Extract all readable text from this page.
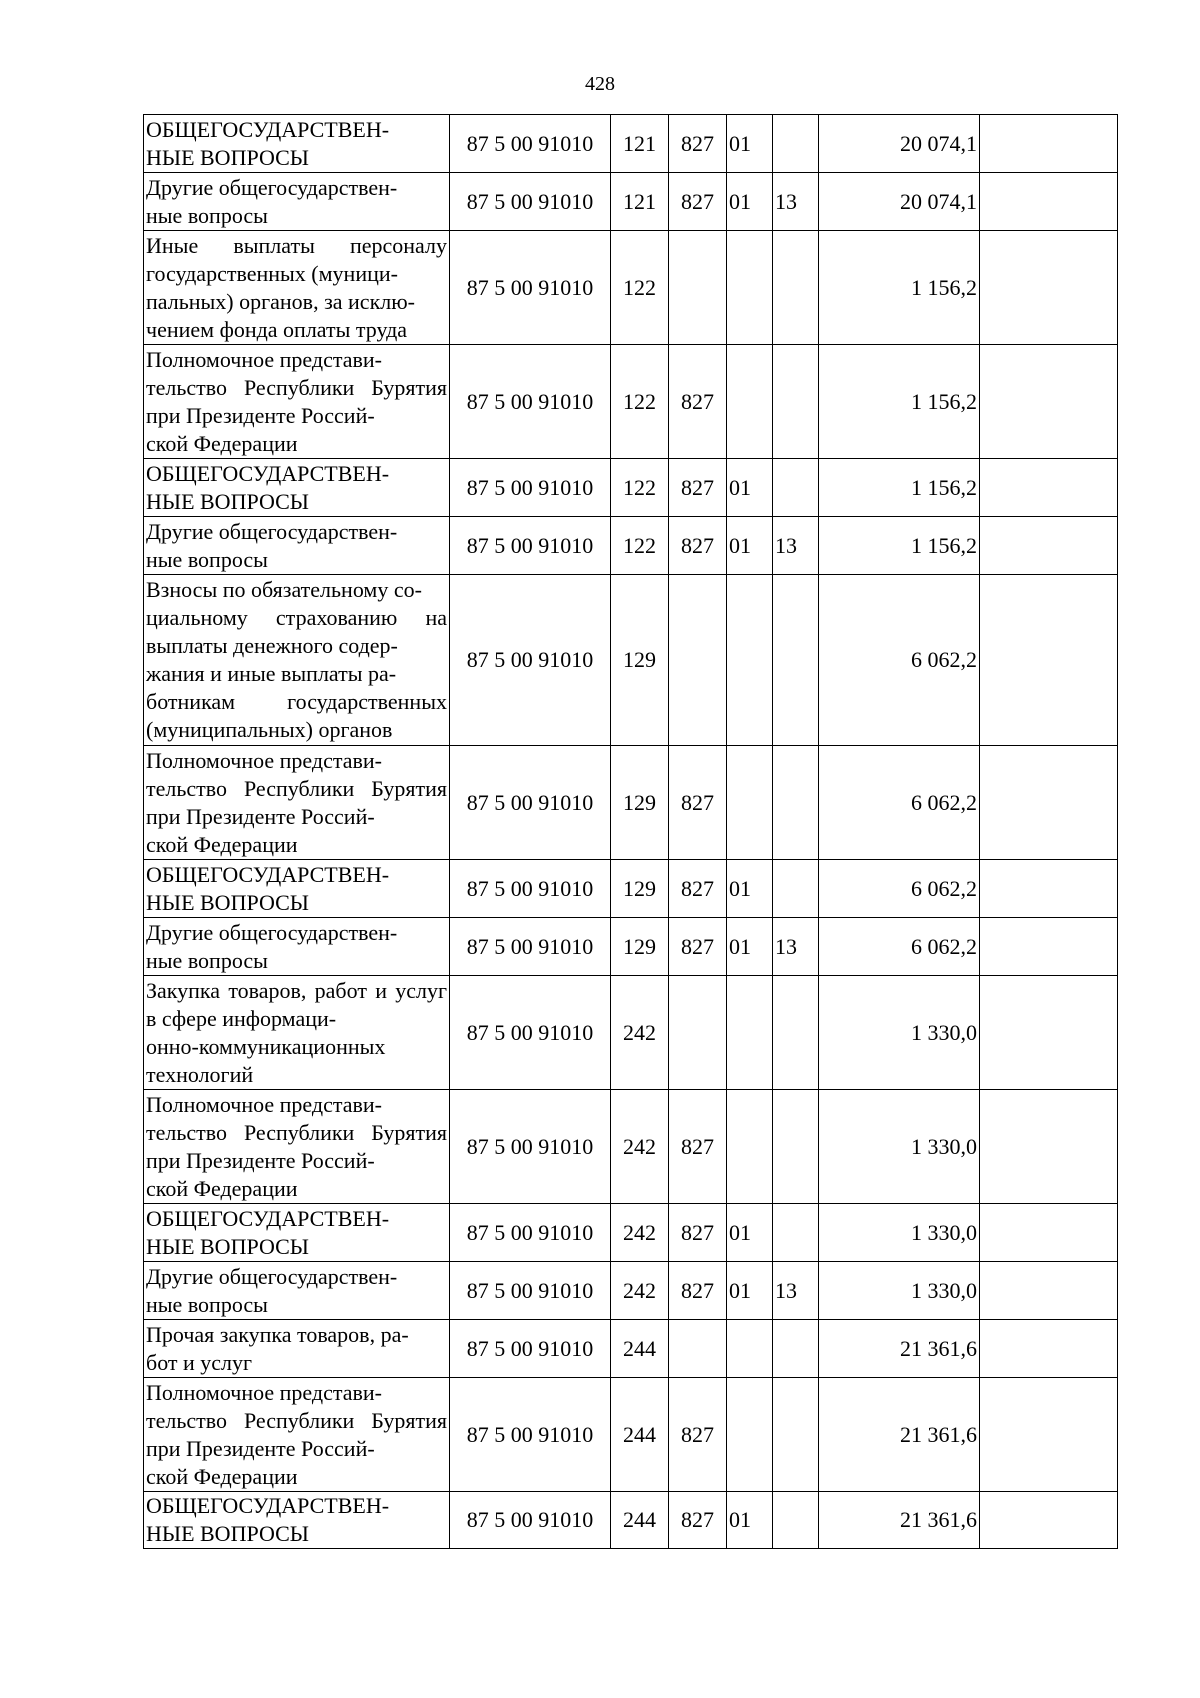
428
ОБЩЕГОСУДАРСТВЕН-
НЫЕ ВОПРОСЫ	87 5 00 91010	121	827	01		20 074,1	
Другие общегосударствен-
ные вопросы	87 5 00 91010	121	827	01	13	20 074,1	
Иные выплаты персоналу государственных (муници-
пальных) органов, за исклю-
чением фонда оплаты труда	87 5 00 91010	122				1 156,2	
Полномочное представи-
тельство Республики Бурятия при Президенте Россий-
ской Федерации	87 5 00 91010	122	827			1 156,2	
ОБЩЕГОСУДАРСТВЕН-
НЫЕ ВОПРОСЫ	87 5 00 91010	122	827	01		1 156,2	
Другие общегосударствен-
ные вопросы	87 5 00 91010	122	827	01	13	1 156,2	
Взносы по обязательному со-
циальному страхованию на выплаты денежного содер-
жания и иные выплаты ра-
ботникам государственных (муниципальных) органов	87 5 00 91010	129				6 062,2	
Полномочное представи-
тельство Республики Бурятия при Президенте Россий-
ской Федерации	87 5 00 91010	129	827			6 062,2	
ОБЩЕГОСУДАРСТВЕН-
НЫЕ ВОПРОСЫ	87 5 00 91010	129	827	01		6 062,2	
Другие общегосударствен-
ные вопросы	87 5 00 91010	129	827	01	13	6 062,2	
Закупка товаров, работ и услуг в сфере информаци-
онно-коммуникационных технологий	87 5 00 91010	242				1 330,0	
Полномочное представи-
тельство Республики Бурятия при Президенте Россий-
ской Федерации	87 5 00 91010	242	827			1 330,0	
ОБЩЕГОСУДАРСТВЕН-
НЫЕ ВОПРОСЫ	87 5 00 91010	242	827	01		1 330,0	
Другие общегосударствен-
ные вопросы	87 5 00 91010	242	827	01	13	1 330,0	
Прочая закупка товаров, ра-
бот и услуг	87 5 00 91010	244				21 361,6	
Полномочное представи-
тельство Республики Бурятия при Президенте Россий-
ской Федерации	87 5 00 91010	244	827			21 361,6	
ОБЩЕГОСУДАРСТВЕН-
НЫЕ ВОПРОСЫ	87 5 00 91010	244	827	01		21 361,6	
